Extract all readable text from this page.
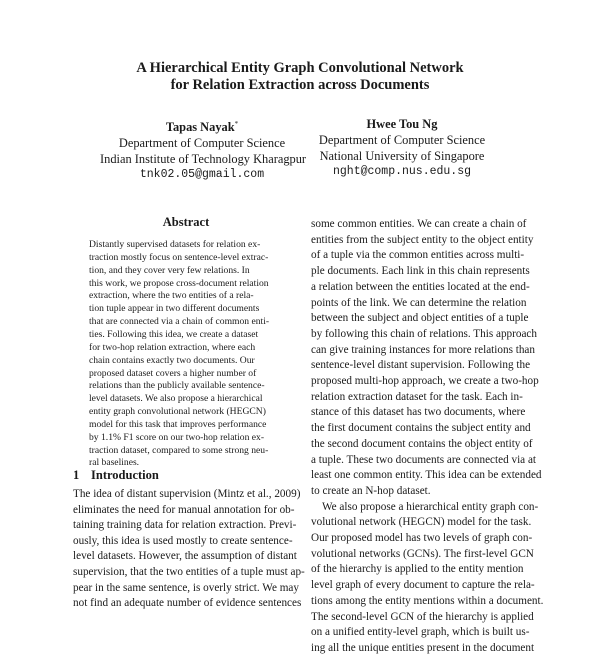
A Hierarchical Entity Graph Convolutional Network
for Relation Extraction across Documents
Tapas Nayak*
Department of Computer Science
Indian Institute of Technology Kharagpur
tnk02.05@gmail.com
Hwee Tou Ng
Department of Computer Science
National University of Singapore
nght@comp.nus.edu.sg
Abstract
Distantly supervised datasets for relation ex-
traction mostly focus on sentence-level extrac-
tion, and they cover very few relations. In
this work, we propose cross-document relation
extraction, where the two entities of a rela-
tion tuple appear in two different documents
that are connected via a chain of common enti-
ties. Following this idea, we create a dataset
for two-hop relation extraction, where each
chain contains exactly two documents. Our
proposed dataset covers a higher number of
relations than the publicly available sentence-
level datasets. We also propose a hierarchical
entity graph convolutional network (HEGCN)
model for this task that improves performance
by 1.1% F1 score on our two-hop relation ex-
traction dataset, compared to some strong neu-
ral baselines.
1 Introduction
The idea of distant supervision (Mintz et al., 2009)
eliminates the need for manual annotation for ob-
taining training data for relation extraction. Previ-
ously, this idea is used mostly to create sentence-
level datasets. However, the assumption of distant
supervision, that the two entities of a tuple must ap-
pear in the same sentence, is overly strict. We may
not find an adequate number of evidence sentences
some common entities. We can create a chain of
entities from the subject entity to the object entity
of a tuple via the common entities across multi-
ple documents. Each link in this chain represents
a relation between the entities located at the end-
points of the link. We can determine the relation
between the subject and object entities of a tuple
by following this chain of relations. This approach
can give training instances for more relations than
sentence-level distant supervision. Following the
proposed multi-hop approach, we create a two-hop
relation extraction dataset for the task. Each in-
stance of this dataset has two documents, where
the first document contains the subject entity and
the second document contains the object entity of
a tuple. These two documents are connected via at
least one common entity. This idea can be extended
to create an N-hop dataset.
We also propose a hierarchical entity graph con-
volutional network (HEGCN) model for the task.
Our proposed model has two levels of graph con-
volutional networks (GCNs). The first-level GCN
of the hierarchy is applied to the entity mention
level graph of every document to capture the rela-
tions among the entity mentions within a document.
The second-level GCN of the hierarchy is applied
on a unified entity-level graph, which is built us-
ing all the unique entities present in the document
